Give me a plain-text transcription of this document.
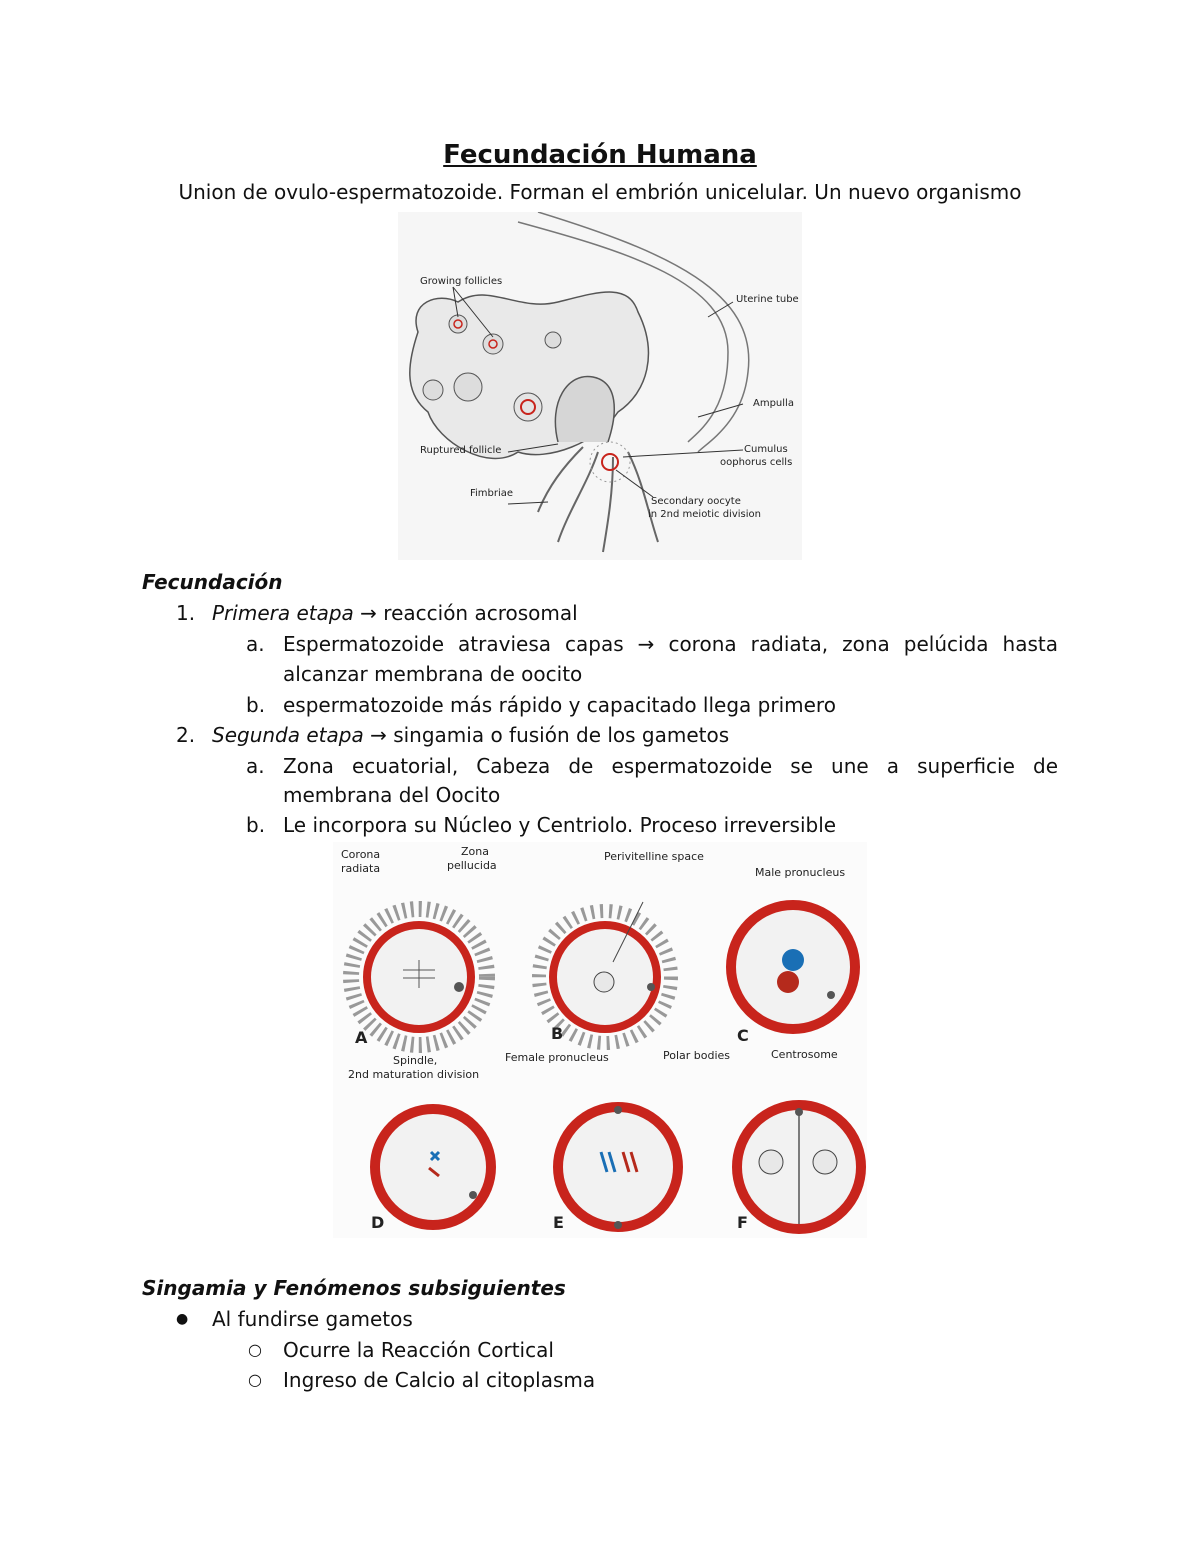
Fecundación Humana

Union de ovulo-espermatozoide. Forman el embrión unicelular. Un nuevo organismo

Growing follicles
Uterine tube
Ampulla
Ruptured follicle	Cumulus
oophorus cells
Fimbriae
Secondary oocyte
in 2nd meiotic division
Fecundación
1. Primera etapa → reacción acrosomal

a. Espermatozoide atraviesa capas → corona radiata, zona pelúcida hasta

alcanzar membrana de oocito

b. espermatozoide más rápido y capacitado llega primero

2. Segunda etapa → singamia o fusión de los gametos

a. Zona ecuatorial, Cabeza de espermatozoide se une a superficie de

membrana del Oocito

b. Le incorpora su Núcleo y Centriolo. Proceso irreversible

Corona
radiata
Zona
pellucida
Perivitelline space
Male pronucleus
Spindle,
2nd maturation division
Female pronucleus	Polar bodies	Centrosome
A	B	C
D	E	F
Singamia y Fenómenos subsiguientes
● Al fundirse gametos

○ Ocurre la Reacción Cortical

○ Ingreso de Calcio al citoplasma
